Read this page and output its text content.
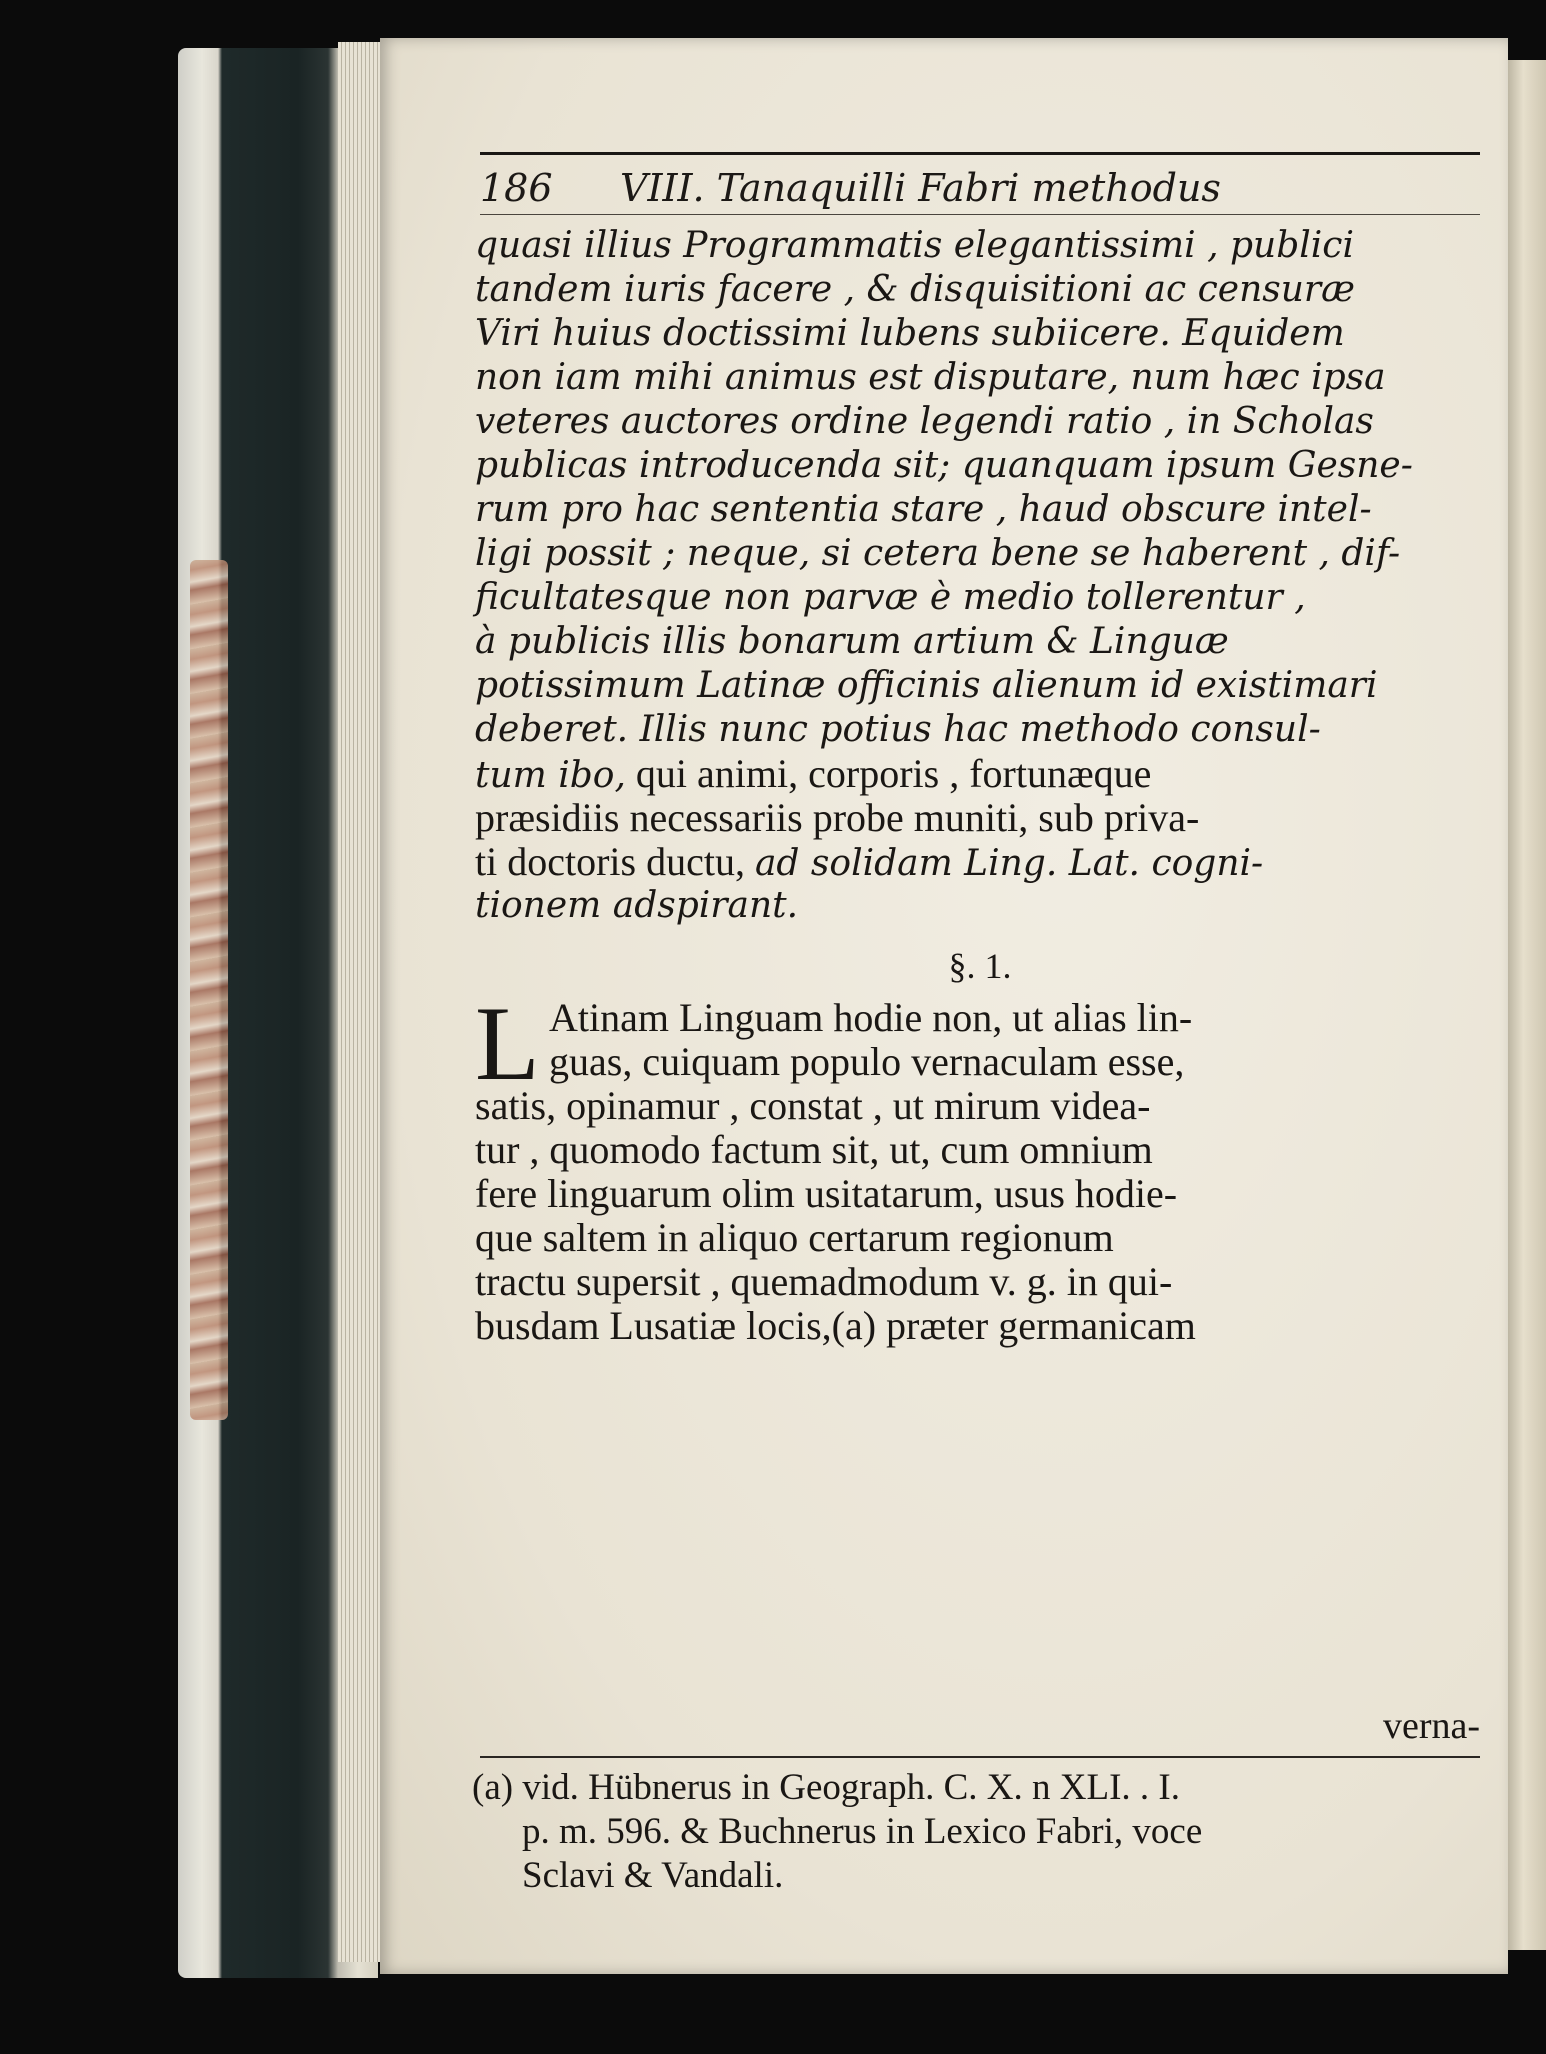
186 VIII. Tanaquilli Fabri methodus
quasi illius Programmatis elegantissimi , publici
tandem iuris facere , & disquisitioni ac censuræ
Viri huius doctissimi lubens subiicere. Equidem
non iam mihi animus est disputare, num hæc ipsa
veteres auctores ordine legendi ratio , in Scholas
publicas introducenda sit; quanquam ipsum Gesne-
rum pro hac sententia stare , haud obscure intel-
ligi possit ; neque, si cetera bene se haberent , dif-
ficultatesque non parvæ è medio tollerentur ,
à publicis illis bonarum artium & Linguæ
potissimum Latinæ officinis alienum id existimari
deberet. Illis nunc potius hac methodo consul-
tum ibo, qui animi, corporis , fortunæque
præsidiis necessariis probe muniti, sub priva-
ti doctoris ductu, ad solidam Ling. Lat. cogni-
tionem adspirant.
§. 1.
L Atinam Linguam hodie non, ut alias lin-
guas, cuiquam populo vernaculam esse,
satis, opinamur , constat , ut mirum videa-
tur , quomodo factum sit, ut, cum omnium
fere linguarum olim usitatarum, usus hodie-
que saltem in aliquo certarum regionum
tractu supersit , quemadmodum v. g. in qui-
busdam Lusatiæ locis,(a) præter germanicam
verna-
(a) vid. Hübnerus in Geograph. C. X. n XLI. . I.
p. m. 596. & Buchnerus in Lexico Fabri, voce
Sclavi & Vandali.
